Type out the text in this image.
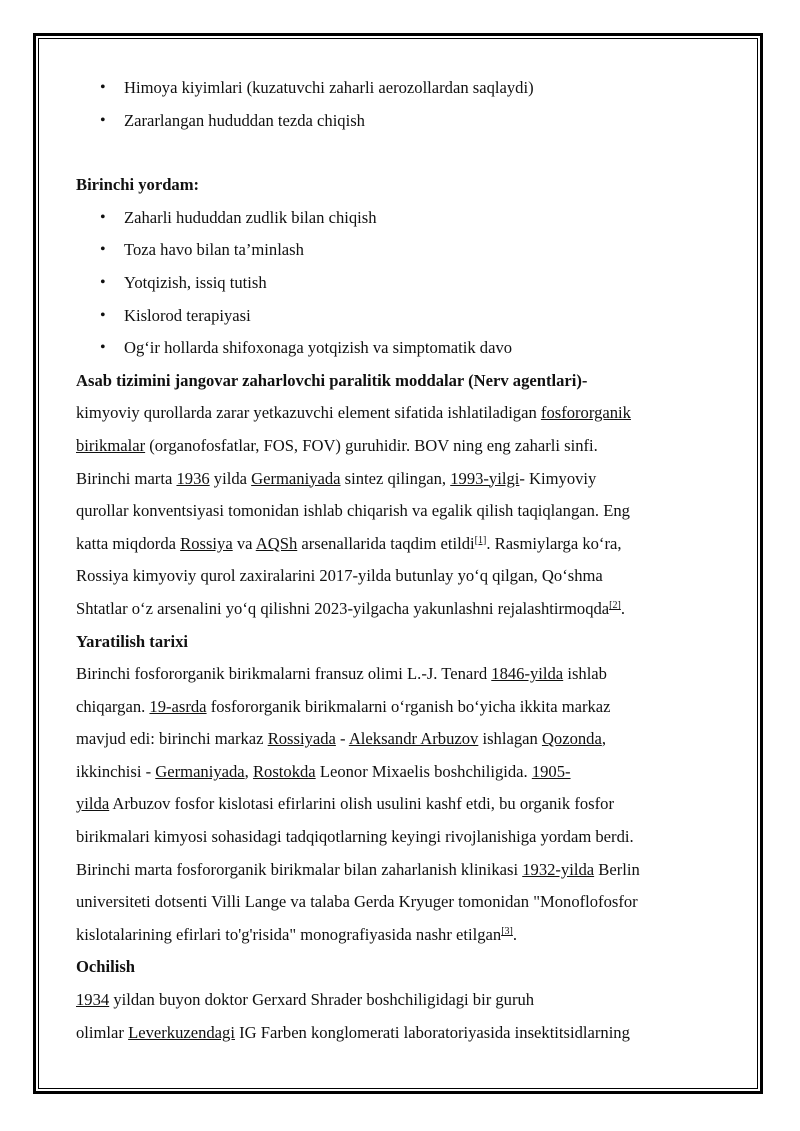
• Himoya kiyimlari (kuzatuvchi zaharli aerozollardan saqlaydi)
• Zararlangan hududdan tezda chiqish
Birinchi yordam:
• Zaharli hududdan zudlik bilan chiqish
• Toza havo bilan ta’minlash
• Yotqizish, issiq tutish
• Kislorod terapiyasi
• Og‘ir hollarda shifoxonaga yotqizish va simptomatik davo
Asab tizimini jangovar zaharlovchi paralitik moddalar (Nerv agentlari)-
kimyoviy qurollarda zarar yetkazuvchi element sifatida ishlatiladigan fosfororganik
birikmalar (organofosfatlar, FOS, FOV) guruhidir. BOV ning eng zaharli sinfi.
Birinchi marta 1936 yilda Germaniyada sintez qilingan, 1993-yilgi- Kimyoviy
qurollar konventsiyasi tomonidan ishlab chiqarish va egalik qilish taqiqlangan. Eng
katta miqdorda Rossiya va AQSh arsenallarida taqdim etildi[1]. Rasmiylarga ko‘ra,
Rossiya kimyoviy qurol zaxiralarini 2017-yilda butunlay yo‘q qilgan, Qo‘shma
Shtatlar o‘z arsenalini yo‘q qilishni 2023-yilgacha yakunlashni rejalashtirmoqda[2].
Yaratilish tarixi
Birinchi fosfororganik birikmalarni fransuz olimi L.-J. Tenard 1846-yilda ishlab
chiqargan. 19-asrda fosfororganik birikmalarni o‘rganish bo‘yicha ikkita markaz
mavjud edi: birinchi markaz Rossiyada - Aleksandr Arbuzov ishlagan Qozonda,
ikkinchisi - Germaniyada, Rostokda Leonor Mixaelis boshchiligida. 1905-
yilda Arbuzov fosfor kislotasi efirlarini olish usulini kashf etdi, bu organik fosfor
birikmalari kimyosi sohasidagi tadqiqotlarning keyingi rivojlanishiga yordam berdi.
Birinchi marta fosfororganik birikmalar bilan zaharlanish klinikasi 1932-yilda Berlin
universiteti dotsenti Villi Lange va talaba Gerda Kryuger tomonidan "Monoflofosfor
kislotalarining efirlari to'g'risida" monografiyasida nashr etilgan[3].
Ochilish
1934 yildan buyon doktor Gerxard Shrader boshchiligidagi bir guruh
olimlar Leverkuzendagi IG Farben konglomerati laboratoriyasida insektitsidlarning
